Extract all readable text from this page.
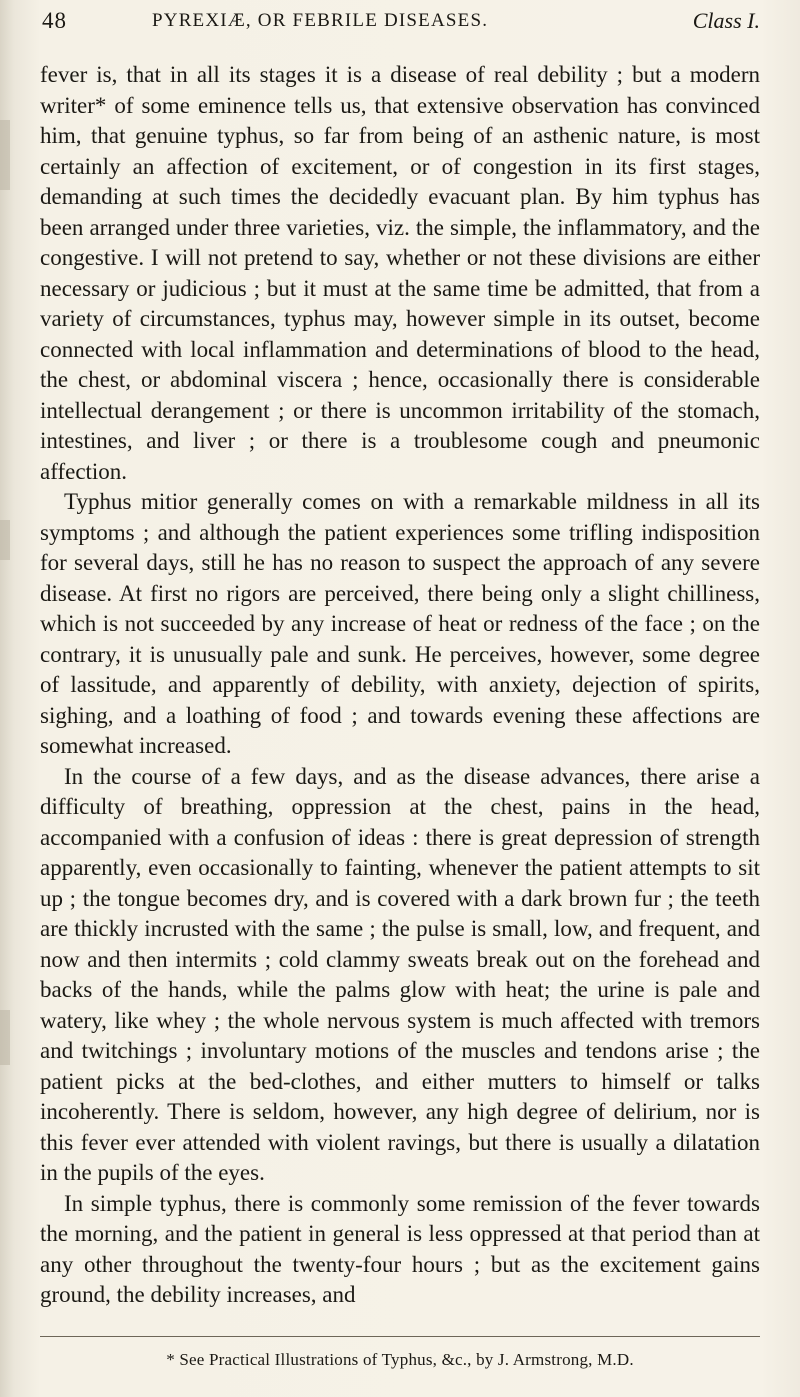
48	PYREXIÆ, OR FEBRILE DISEASES.	Class I.

fever is, that in all its stages it is a disease of real debility ; but a modern writer* of some eminence tells us, that extensive observation has convinced him, that genuine typhus, so far from being of an asthenic nature, is most certainly an affection of excitement, or of congestion in its first stages, demanding at such times the decidedly evacuant plan. By him typhus has been arranged under three varieties, viz. the simple, the inflammatory, and the congestive. I will not pretend to say, whether or not these divisions are either necessary or judicious ; but it must at the same time be admitted, that from a variety of circumstances, typhus may, however simple in its outset, become connected with local inflammation and determinations of blood to the head, the chest, or abdominal viscera ; hence, occasionally there is considerable intellectual derangement ; or there is uncommon irritability of the stomach, intestines, and liver ; or there is a troublesome cough and pneumonic affection.

Typhus mitior generally comes on with a remarkable mildness in all its symptoms ; and although the patient experiences some trifling indisposition for several days, still he has no reason to suspect the approach of any severe disease. At first no rigors are perceived, there being only a slight chilliness, which is not succeeded by any increase of heat or redness of the face ; on the contrary, it is unusually pale and sunk. He perceives, however, some degree of lassitude, and apparently of debility, with anxiety, dejection of spirits, sighing, and a loathing of food ; and towards evening these affections are somewhat increased.

In the course of a few days, and as the disease advances, there arise a difficulty of breathing, oppression at the chest, pains in the head, accompanied with a confusion of ideas : there is great depression of strength apparently, even occasionally to fainting, whenever the patient attempts to sit up ; the tongue becomes dry, and is covered with a dark brown fur ; the teeth are thickly incrusted with the same ; the pulse is small, low, and frequent, and now and then intermits ; cold clammy sweats break out on the forehead and backs of the hands, while the palms glow with heat; the urine is pale and watery, like whey ; the whole nervous system is much affected with tremors and twitchings ; involuntary motions of the muscles and tendons arise ; the patient picks at the bed-clothes, and either mutters to himself or talks incoherently. There is seldom, however, any high degree of delirium, nor is this fever ever attended with violent ravings, but there is usually a dilatation in the pupils of the eyes.

In simple typhus, there is commonly some remission of the fever towards the morning, and the patient in general is less oppressed at that period than at any other throughout the twenty-four hours ; but as the excitement gains ground, the debility increases, and

* See Practical Illustrations of Typhus, &c., by J. Armstrong, M.D.
